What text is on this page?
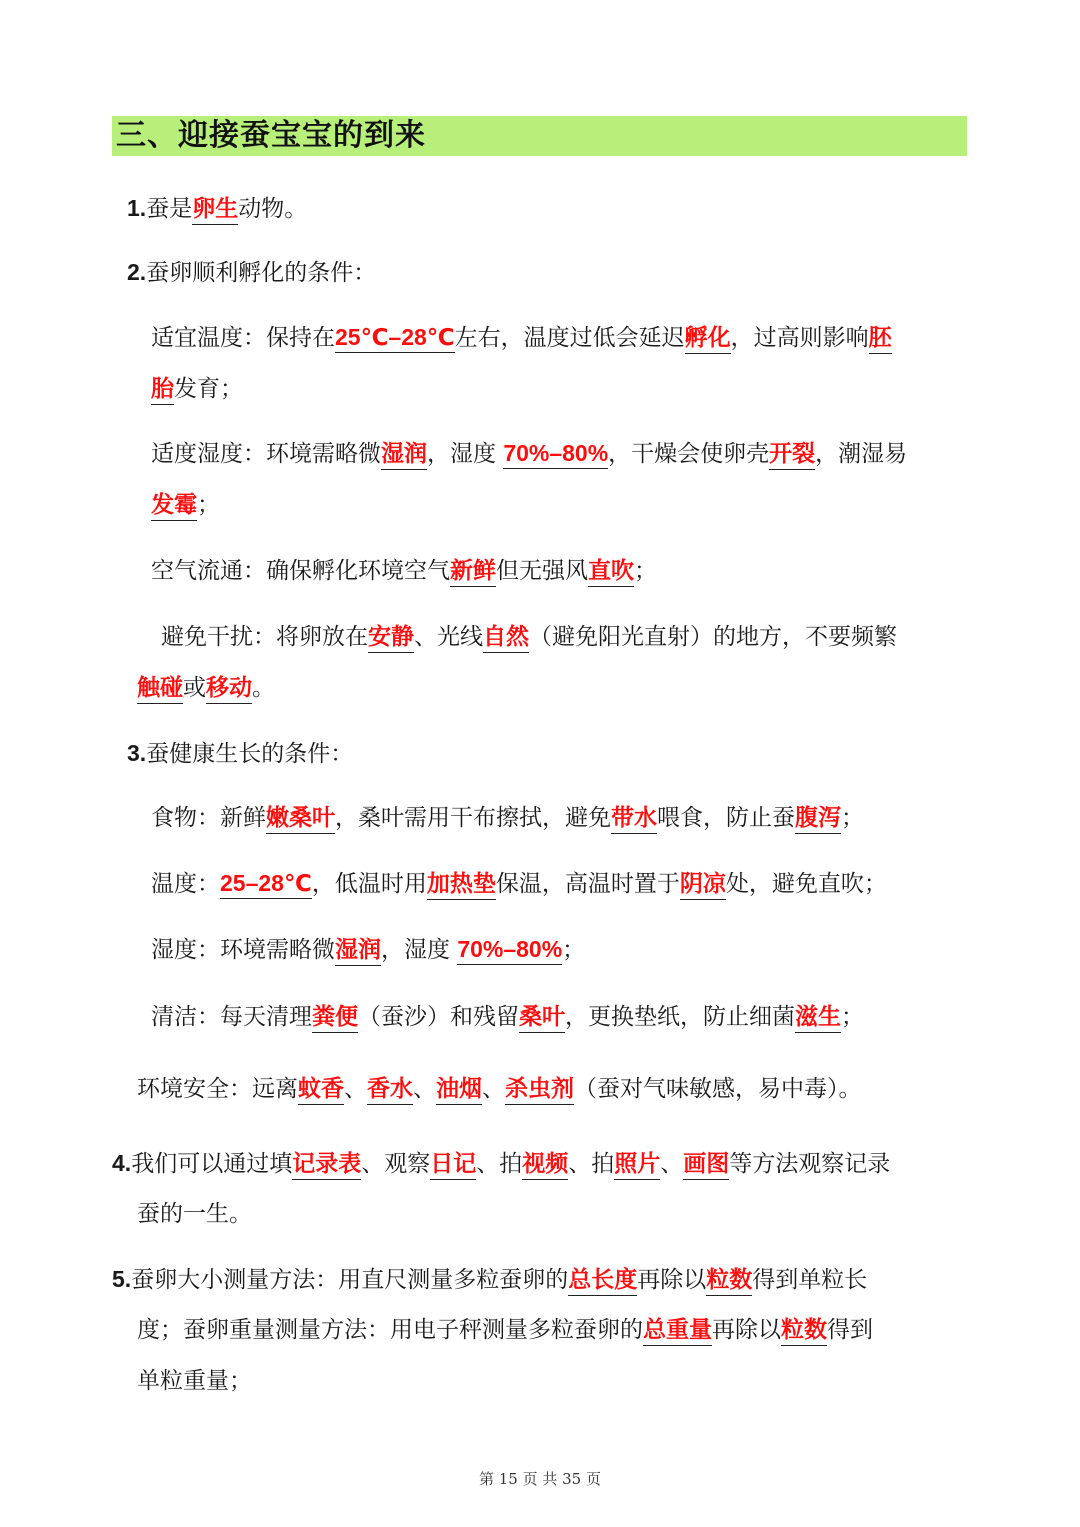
三、迎接蚕宝宝的到来
1.蚕是卵生动物。
2.蚕卵顺利孵化的条件：
适宜温度：保持在25℃–28℃左右，温度过低会延迟孵化，过高则影响胚
胎发育；
适度湿度：环境需略微湿润，湿度 70%–80%，干燥会使卵壳开裂，潮湿易
发霉；
空气流通：确保孵化环境空气新鲜但无强风直吹；
避免干扰：将卵放在安静、光线自然（避免阳光直射）的地方，不要频繁
触碰或移动。
3.蚕健康生长的条件：
食物：新鲜嫩桑叶，桑叶需用干布擦拭，避免带水喂食，防止蚕腹泻；
温度：25–28℃，低温时用加热垫保温，高温时置于阴凉处，避免直吹；
湿度：环境需略微湿润，湿度 70%–80%；
清洁：每天清理粪便（蚕沙）和残留桑叶，更换垫纸，防止细菌滋生；
环境安全：远离蚊香、香水、油烟、杀虫剂（蚕对气味敏感，易中毒）。
4.我们可以通过填记录表、观察日记、拍视频、拍照片、画图等方法观察记录
蚕的一生。
5.蚕卵大小测量方法：用直尺测量多粒蚕卵的总长度再除以粒数得到单粒长
度；蚕卵重量测量方法：用电子秤测量多粒蚕卵的总重量再除以粒数得到
单粒重量；
第 15 页 共 35 页
